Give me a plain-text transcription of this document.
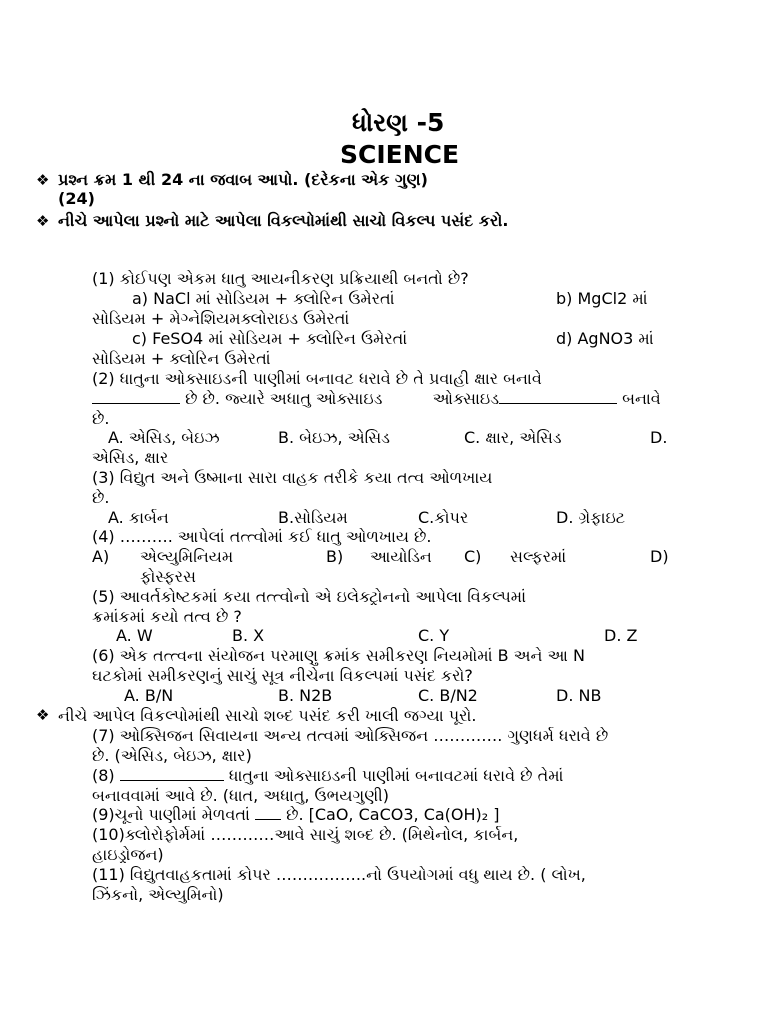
ધોરણ -5
SCIENCE
❖ પ્રશ્ન ક્રમ 1 થી 24 ના જવાબ આપો. (દરેકના એક ગુણ)
(24)
❖ નીચે આપેલા પ્રશ્નો માટે આપેલા વિકલ્પોમાંથી સાચો વિકલ્પ પસંદ કરો.
(1) કોઈપણ એકમ ધાતુ આયનીકરણ પ્રક્રિયાથી બનતો છે?
a) NaCl માં સોડિયમ + ક્લોરિન ઉમેરતાં	b) MgCl2 માં
સોડિયમ + મેગ્નેશિયમક્લોરાઇડ ઉમેરતાં
c) FeSO4 માં સોડિયમ + ક્લોરિન ઉમેરતાં	d) AgNO3 માં
સોડિયમ + ક્લોરિન ઉમેરતાં
(2) ધાતુના ઓક્સાઇડની પાણીમાં બનાવટ ધરાવે છે તે પ્રવાહી ક્ષાર બનાવે
છે છે. જ્યારે અધાતુ ઓક્સાઇડ	ઓક્સાઇડ	બનાવે
છે.
A. એસિડ, બેઇઝ	B. બેઇઝ, એસિડ	C. ક્ષાર, એસિડ	D.
એસિડ, ક્ષાર
(3) વિદ્યુત અને ઉષ્માના સારા વાહક તરીકે કયા તત્વ ઓળખાય
છે.
A. કાર્બન	B.સોડિયમ	C.કોપર	D. ગ્રેફાઇટ
(4) ………. આપેલાં તત્ત્વોમાં કઈ ધાતુ ઓળખાય છે.
A) એલ્યુમિનિયમ	B) આયોડિન C) સલ્ફરમાં	D)
ફોસ્ફરસ
(5) આવર્તકોષ્ટકમાં કયા તત્ત્વોનો એ ઇલેક્ટ્રોનનો આપેલા વિકલ્પમાં
ક્રમાંકમાં કયો તત્વ છે ?
A. W	B. X	C. Y	D. Z
(6) એક તત્ત્વના સંયોજન પરમાણુ ક્રમાંક સમીકરણ નિયમોમાં B અને આ N
ઘટકોમાં સમીકરણનું સાચું સૂત્ર નીચેના વિકલ્પમાં પસંદ કરો?
A. B/N	B. N2B	C. B/N2	D. NB
❖ નીચે આપેલ વિકલ્પોમાંથી સાચો શબ્દ પસંદ કરી ખાલી જગ્યા પૂરો.
(7) ઓક્સિજન સિવાયના અન્ય તત્વમાં ઓક્સિજન …………. ગુણધર્મ ધરાવે છે
છે. (એસિડ, બેઇઝ, ક્ષાર)
(8)	ધાતુના ઓક્સાઇડની પાણીમાં બનાવટમાં ધરાવે છે તેમાં
બનાવવામાં આવે છે. (ધાત, અધાતુ, ઉભયગુણી)
(9)ચૂનો પાણીમાં મેળવતાં છે. [CaO, CaCO3, Ca(OH)₂ ]
(10)ક્લોરોફોર્મમાં …………આવે સાચું શબ્દ છે. (મિથેનોલ, કાર્બન,
હાઇડ્રોજન)
(11) વિદ્યુતવાહકતામાં કોપર ……………..નો ઉપયોગમાં વધુ થાય છે. ( લોખ,
ઝિંકનો, એલ્યુમિનો)
